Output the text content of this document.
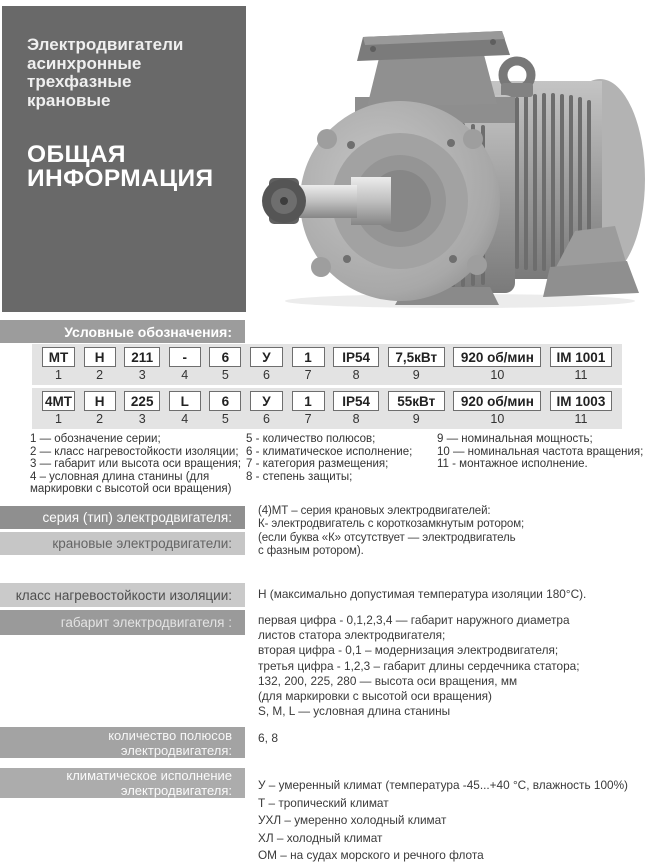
Электродвигатели
асинхронные
трехфазные
крановые
ОБЩАЯ
ИНФОРМАЦИЯ
Условные обозначения:
МТ
1
Н
2
211
3
-
4
6
5
У
6
1
7
IP54
8
7,5кВт
9
920 об/мин
10
IM 1001
11
4МТ
1
Н
2
225
3
L
4
6
5
У
6
1
7
IP54
8
55кВт
9
920 об/мин
10
IM 1003
11
1 — обозначение серии;
2 — класс нагревостойкости изоляции;
3 — габарит или высота оси вращения;
4 – условная длина станины (для маркировки с высотой оси вращения)
5 - количество полюсов;
6 - климатическое исполнение;
7 - категория размещения;
8 - степень защиты;
9 — номинальная мощность;
10 — номинальная частота вращения;
11 - монтажное исполнение.
серия (тип) электродвигателя:
крановые электродвигатели:
(4)МТ – серия крановых электродвигателей:
К- электродвигатель с короткозамкнутым ротором;
(если буква «К» отсутствует — электродвигатель
с фазным ротором).
класс нагревостойкости изоляции: Н (максимально допустимая температура изоляции 180°С).
габарит электродвигателя : первая цифра - 0,1,2,3,4 — габарит наружного диаметра
листов статора электродвигателя;
вторая цифра - 0,1 – модернизация электродвигателя;
третья цифра - 1,2,3 – габарит длины сердечника статора;
132, 200, 225, 280 — высота оси вращения, мм
(для маркировки с высотой оси вращения)
S, M, L — условная длина станины
количество полюсов
электродвигателя:
6, 8
климатическое исполнение
электродвигателя: У – умеренный климат (температура -45...+40 °С, влажность 100%)
Т – тропический климат
УХЛ – умеренно холодный климат
ХЛ – холодный климат
ОМ – на судах морского и речного флота
